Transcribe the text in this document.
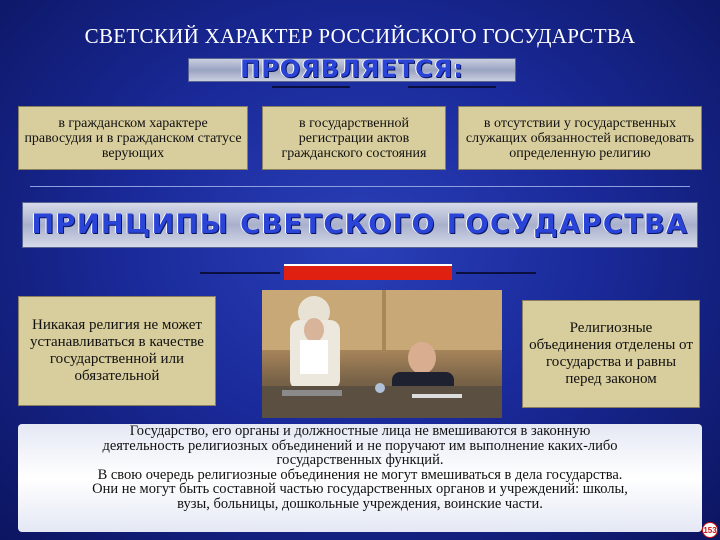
СВЕТСКИЙ ХАРАКТЕР РОССИЙСКОГО ГОСУДАРСТВА
ПРОЯВЛЯЕТСЯ:
в гражданском характере правосудия и в гражданском статусе верующих
в государственной регистрации актов гражданского состояния
в отсутствии у государственных служащих обязанностей исповедовать определенную религию
ПРИНЦИПЫ СВЕТСКОГО ГОСУДАРСТВА
Никакая религия не может устанавливаться в качестве государственной или обязательной
Религиозные объединения отделены от государства и равны перед законом
Государство, его органы и должностные лица не вмешиваются в законную
деятельность религиозных объединений и не поручают им выполнение каких-либо
государственных функций.
В свою очередь религиозные объединения не могут вмешиваться в дела государства.
Они не могут быть составной частью государственных органов и учреждений: школы,
вузы, больницы, дошкольные учреждения, воинские части.
153
